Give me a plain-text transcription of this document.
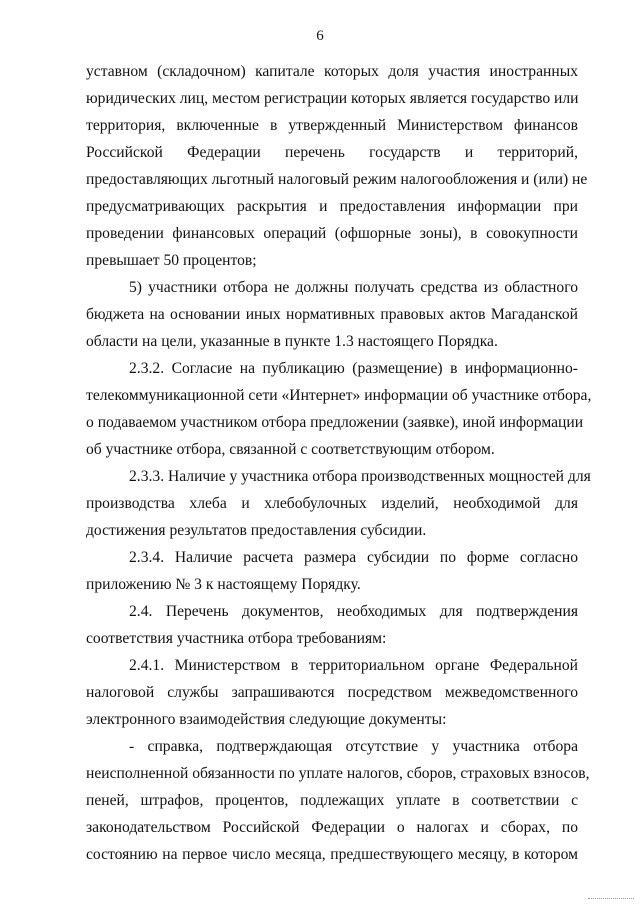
6
уставном (складочном) капитале которых доля участия иностранных
юридических лиц, местом регистрации которых является государство или
территория, включенные в утвержденный Министерством финансов
Российской Федерации перечень государств и территорий,
предоставляющих льготный налоговый режим налогообложения и (или) не
предусматривающих раскрытия и предоставления информации при
проведении финансовых операций (офшорные зоны), в совокупности
превышает 50 процентов;
5) участники отбора не должны получать средства из областного
бюджета на основании иных нормативных правовых актов Магаданской
области на цели, указанные в пункте 1.3 настоящего Порядка.
2.3.2. Согласие на публикацию (размещение) в информационно-
телекоммуникационной сети «Интернет» информации об участнике отбора,
о подаваемом участником отбора предложении (заявке), иной информации
об участнике отбора, связанной с соответствующим отбором.
2.3.3. Наличие у участника отбора производственных мощностей для
производства хлеба и хлебобулочных изделий, необходимой для
достижения результатов предоставления субсидии.
2.3.4. Наличие расчета размера субсидии по форме согласно
приложению № 3 к настоящему Порядку.
2.4. Перечень документов, необходимых для подтверждения
соответствия участника отбора требованиям:
2.4.1. Министерством в территориальном органе Федеральной
налоговой службы запрашиваются посредством межведомственного
электронного взаимодействия следующие документы:
- справка, подтверждающая отсутствие у участника отбора
неисполненной обязанности по уплате налогов, сборов, страховых взносов,
пеней, штрафов, процентов, подлежащих уплате в соответствии с
законодательством Российской Федерации о налогах и сборах, по
состоянию на первое число месяца, предшествующего месяцу, в котором
